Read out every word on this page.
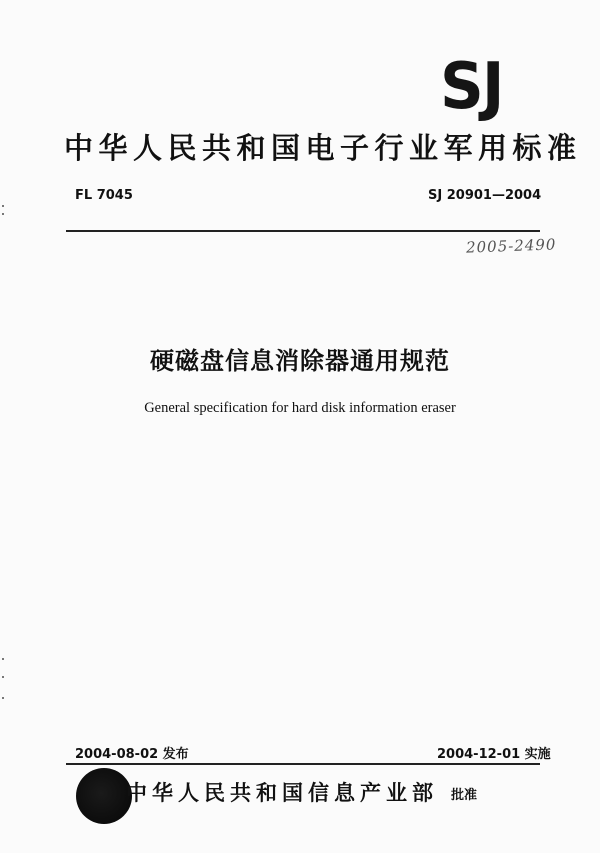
SJ
中华人民共和国电子行业军用标准
FL 7045	SJ 20901—2004
2005-2490
硬磁盘信息消除器通用规范
General specification for hard disk information eraser
2004-08-02 发布	2004-12-01 实施
中华人民共和国信息产业部 批准
